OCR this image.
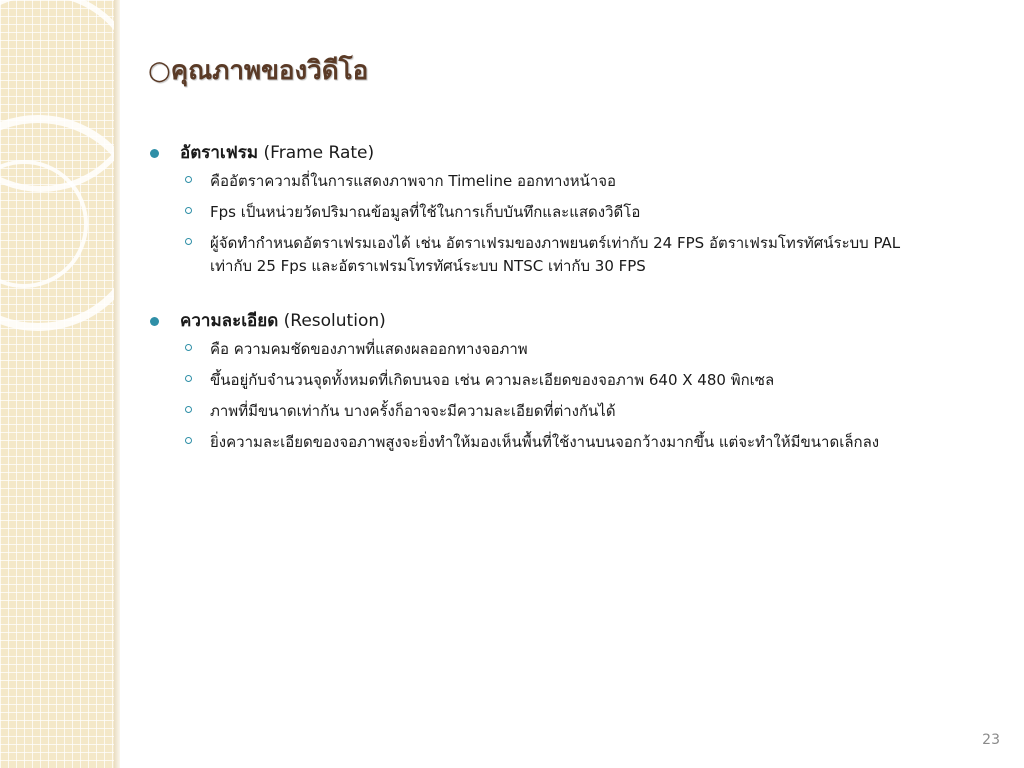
○คุณภาพของวิดีโอ
อัตราเฟรม (Frame Rate)
คืออัตราความถี่ในการแสดงภาพจาก Timeline ออกทางหน้าจอ
Fps เป็นหน่วยวัดปริมาณข้อมูลที่ใช้ในการเก็บบันทึกและแสดงวิดีโอ
ผู้จัดทำกำหนดอัตราเฟรมเองได้ เช่น อัตราเฟรมของภาพยนตร์เท่ากับ 24 FPS อัตราเฟรมโทรทัศน์ระบบ PAL เท่ากับ 25 Fps และอัตราเฟรมโทรทัศน์ระบบ NTSC เท่ากับ 30 FPS
ความละเอียด (Resolution)
คือ ความคมชัดของภาพที่แสดงผลออกทางจอภาพ
ขึ้นอยู่กับจำนวนจุดทั้งหมดที่เกิดบนจอ เช่น ความละเอียดของจอภาพ 640 X 480 พิกเซล
ภาพที่มีขนาดเท่ากัน บางครั้งก็อาจจะมีความละเอียดที่ต่างกันได้
ยิ่งความละเอียดของจอภาพสูงจะยิ่งทำให้มองเห็นพื้นที่ใช้งานบนจอกว้างมากขึ้น แต่จะทำให้มีขนาดเล็กลง
23
